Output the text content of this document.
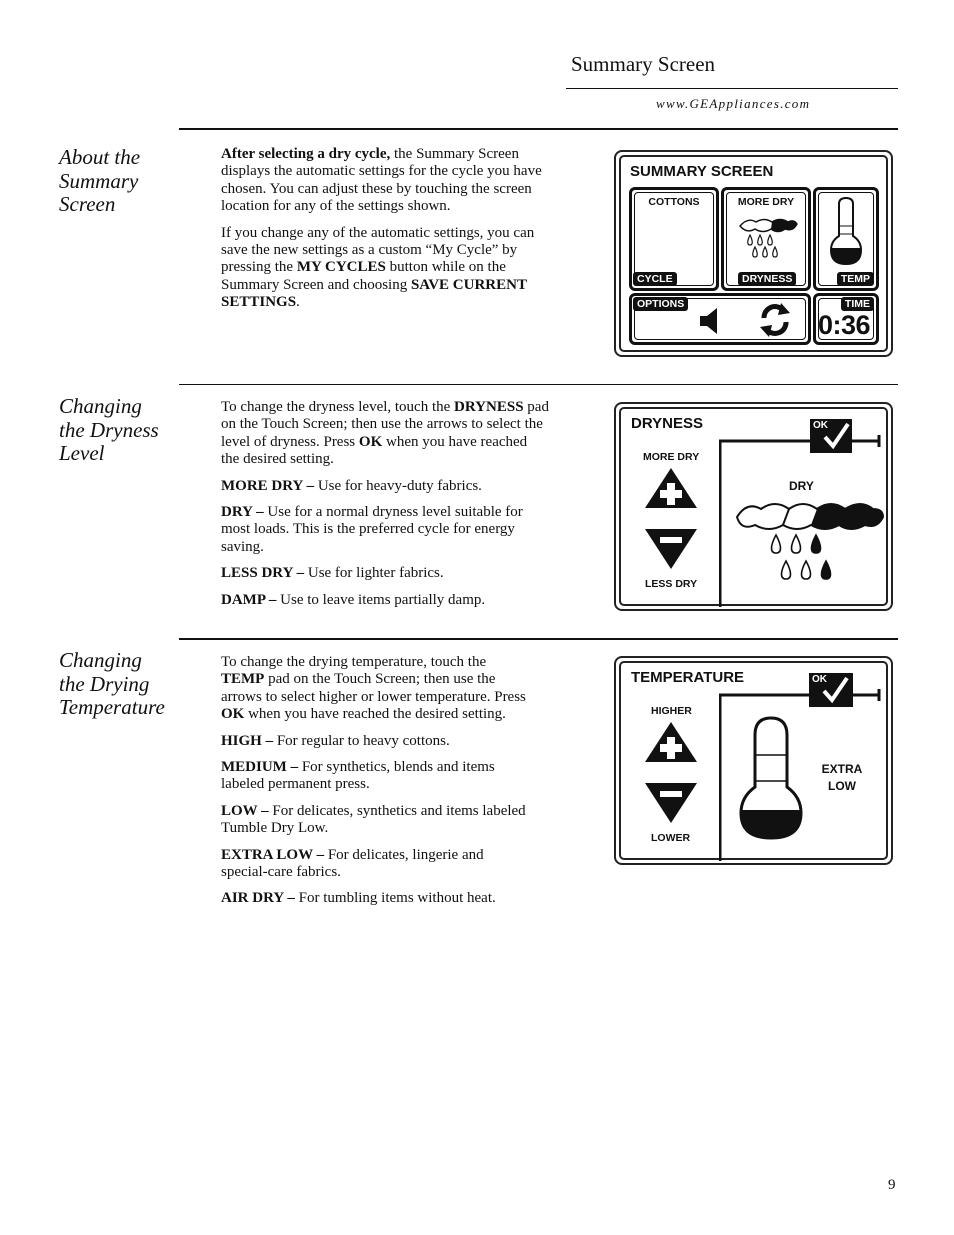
Summary Screen
www.GEAppliances.com
About the
Summary
Screen

After selecting a dry cycle, the Summary Screen displays the automatic settings for the cycle you have chosen. You can adjust these by touching the screen location for any of the settings shown.

If you change any of the automatic settings, you can save the new settings as a custom “My Cycle” by pressing the MY CYCLES button while on the Summary Screen and choosing SAVE CURRENT SETTINGS.

SUMMARY SCREEN
COTTONS
CYCLE
MORE DRY
DRYNESS	TEMP
OPTIONS	TIME
0:36
Changing
the Dryness
Level

To change the dryness level, touch the DRYNESS pad on the Touch Screen; then use the arrows to select the level of dryness. Press OK when you have reached the desired setting.

MORE DRY – Use for heavy-duty fabrics.

DRY – Use for a normal dryness level suitable for most loads. This is the preferred cycle for energy saving.

LESS DRY – Use for lighter fabrics.

DAMP – Use to leave items partially damp.

DRYNESS	OK
MORE DRY
LESS DRY
DRY
Changing
the Drying
Temperature

To change the drying temperature, touch the TEMP pad on the Touch Screen; then use the arrows to select higher or lower temperature. Press OK when you have reached the desired setting.

HIGH – For regular to heavy cottons.

MEDIUM – For synthetics, blends and items labeled permanent press.

LOW – For delicates, synthetics and items labeled Tumble Dry Low.

EXTRA LOW – For delicates, lingerie and special-care fabrics.

AIR DRY – For tumbling items without heat.

TEMPERATURE	OK
HIGHER
LOWER
EXTRA
LOW
9
